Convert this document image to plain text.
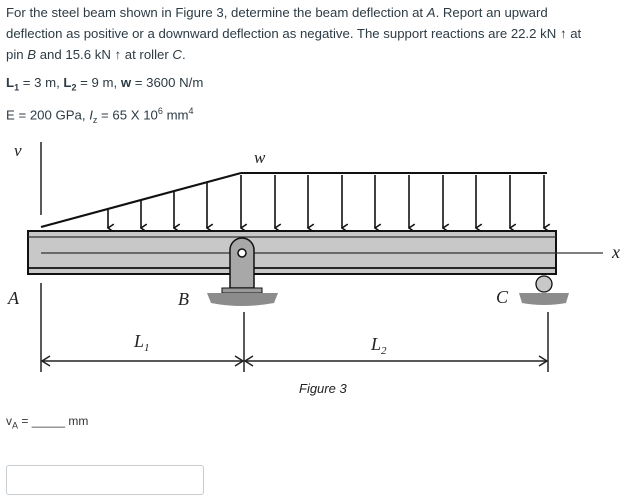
For the steel beam shown in Figure 3, determine the beam deflection at A. Report an upward

deflection as positive or a downward deflection as negative. The support reactions are 22.2 kN ↑ at

pin B and 15.6 kN ↑ at roller C.

$L_1 = 3$ m, $L_2 = 9$ m, w = 3600 N/m
E = 200 GPa, $I_z = 65$ X $10^6$ $mm^4$
v	w
x
B	C
A
$L_1$	$L_2$
Figure 3
$v_A$ = _____ mm
